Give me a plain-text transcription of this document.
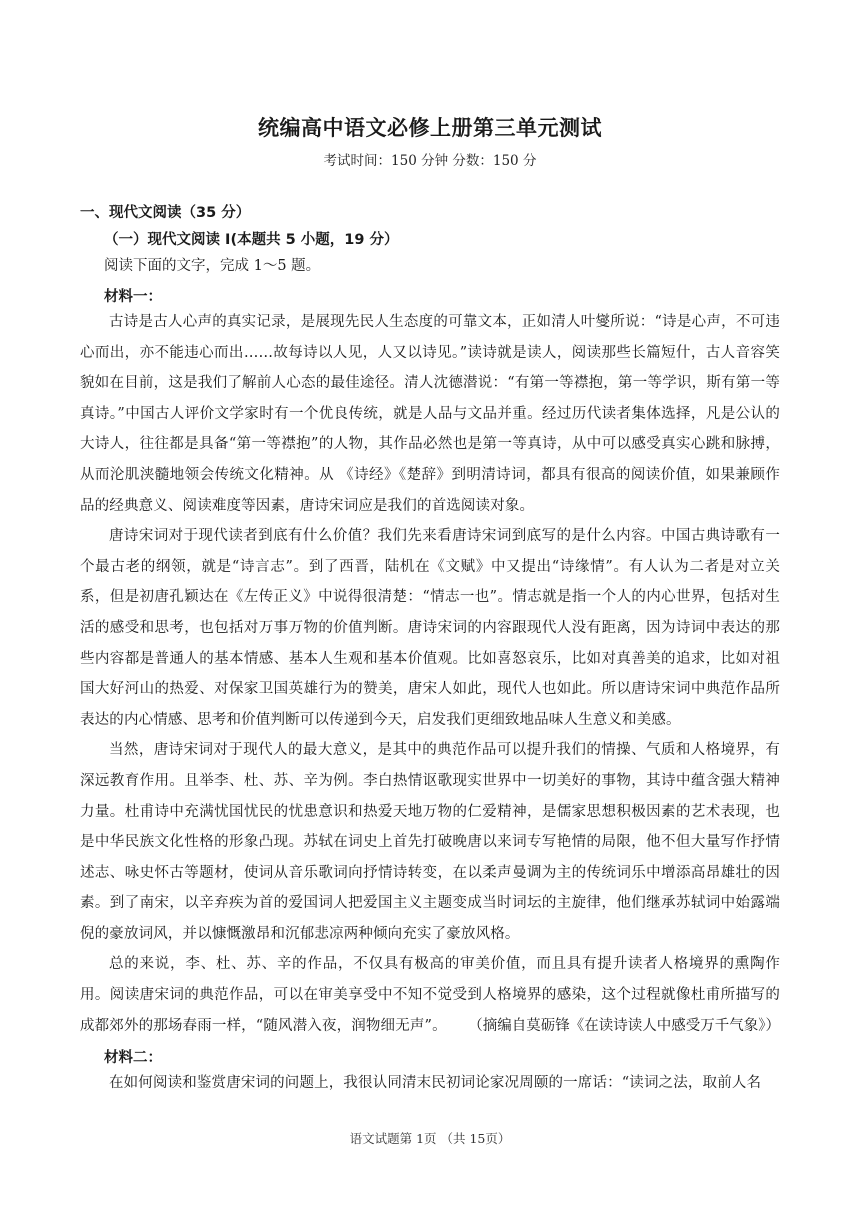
统编高中语文必修上册第三单元测试
考试时间：150 分钟 分数：150 分
一、现代文阅读（35 分）
（一）现代文阅读 I(本题共 5 小题，19 分）
阅读下面的文字，完成 1～5 题。
材料一：

古诗是古人心声的真实记录，是展现先民人生态度的可靠文本，正如清人叶燮所说：“诗是心声，不可违心而出，亦不能违心而出……故每诗以人见，人又以诗见。”读诗就是读人，阅读那些长篇短什，古人音容笑貌如在目前，这是我们了解前人心态的最佳途径。清人沈德潜说：“有第一等襟抱，第一等学识，斯有第一等真诗。”中国古人评价文学家时有一个优良传统，就是人品与文品并重。经过历代读者集体选择，凡是公认的大诗人，往往都是具备“第一等襟抱”的人物，其作品必然也是第一等真诗，从中可以感受真实心跳和脉搏，从而沦肌浃髓地领会传统文化精神。从 《诗经》《楚辞》到明清诗词，都具有很高的阅读价值，如果兼顾作品的经典意义、阅读难度等因素，唐诗宋词应是我们的首选阅读对象。

唐诗宋词对于现代读者到底有什么价值？我们先来看唐诗宋词到底写的是什么内容。中国古典诗歌有一个最古老的纲领，就是“诗言志”。到了西晋，陆机在《文赋》中又提出“诗缘情”。有人认为二者是对立关系，但是初唐孔颖达在《左传正义》中说得很清楚：“情志一也”。情志就是指一个人的内心世界，包括对生活的感受和思考，也包括对万事万物的价值判断。唐诗宋词的内容跟现代人没有距离，因为诗词中表达的那些内容都是普通人的基本情感、基本人生观和基本价值观。比如喜怒哀乐，比如对真善美的追求，比如对祖国大好河山的热爱、对保家卫国英雄行为的赞美，唐宋人如此，现代人也如此。所以唐诗宋词中典范作品所表达的内心情感、思考和价值判断可以传递到今天，启发我们更细致地品味人生意义和美感。

当然，唐诗宋词对于现代人的最大意义，是其中的典范作品可以提升我们的情操、气质和人格境界，有深远教育作用。且举李、杜、苏、辛为例。李白热情讴歌现实世界中一切美好的事物，其诗中蕴含强大精神力量。杜甫诗中充满忧国忧民的忧患意识和热爱天地万物的仁爱精神，是儒家思想积极因素的艺术表现，也是中华民族文化性格的形象凸现。苏轼在词史上首先打破晚唐以来词专写艳情的局限，他不但大量写作抒情述志、咏史怀古等题材，使词从音乐歌词向抒情诗转变，在以柔声曼调为主的传统词乐中增添高昂雄壮的因素。到了南宋，以辛弃疾为首的爱国词人把爱国主义主题变成当时词坛的主旋律，他们继承苏轼词中始露端倪的豪放词风，并以慷慨激昂和沉郁悲凉两种倾向充实了豪放风格。

总的来说，李、杜、苏、辛的作品，不仅具有极高的审美价值，而且具有提升读者人格境界的熏陶作用。阅读唐宋词的典范作品，可以在审美享受中不知不觉受到人格境界的感染，这个过程就像杜甫所描写的成都郊外的那场春雨一样，“随风潜入夜，润物细无声”。	（摘编自莫砺锋《在读诗读人中感受万千气象》）
材料二：

在如何阅读和鉴赏唐宋词的问题上，我很认同清末民初词论家况周颐的一席话：“读词之法，取前人名

语文试题第 1页 （共 15页）
